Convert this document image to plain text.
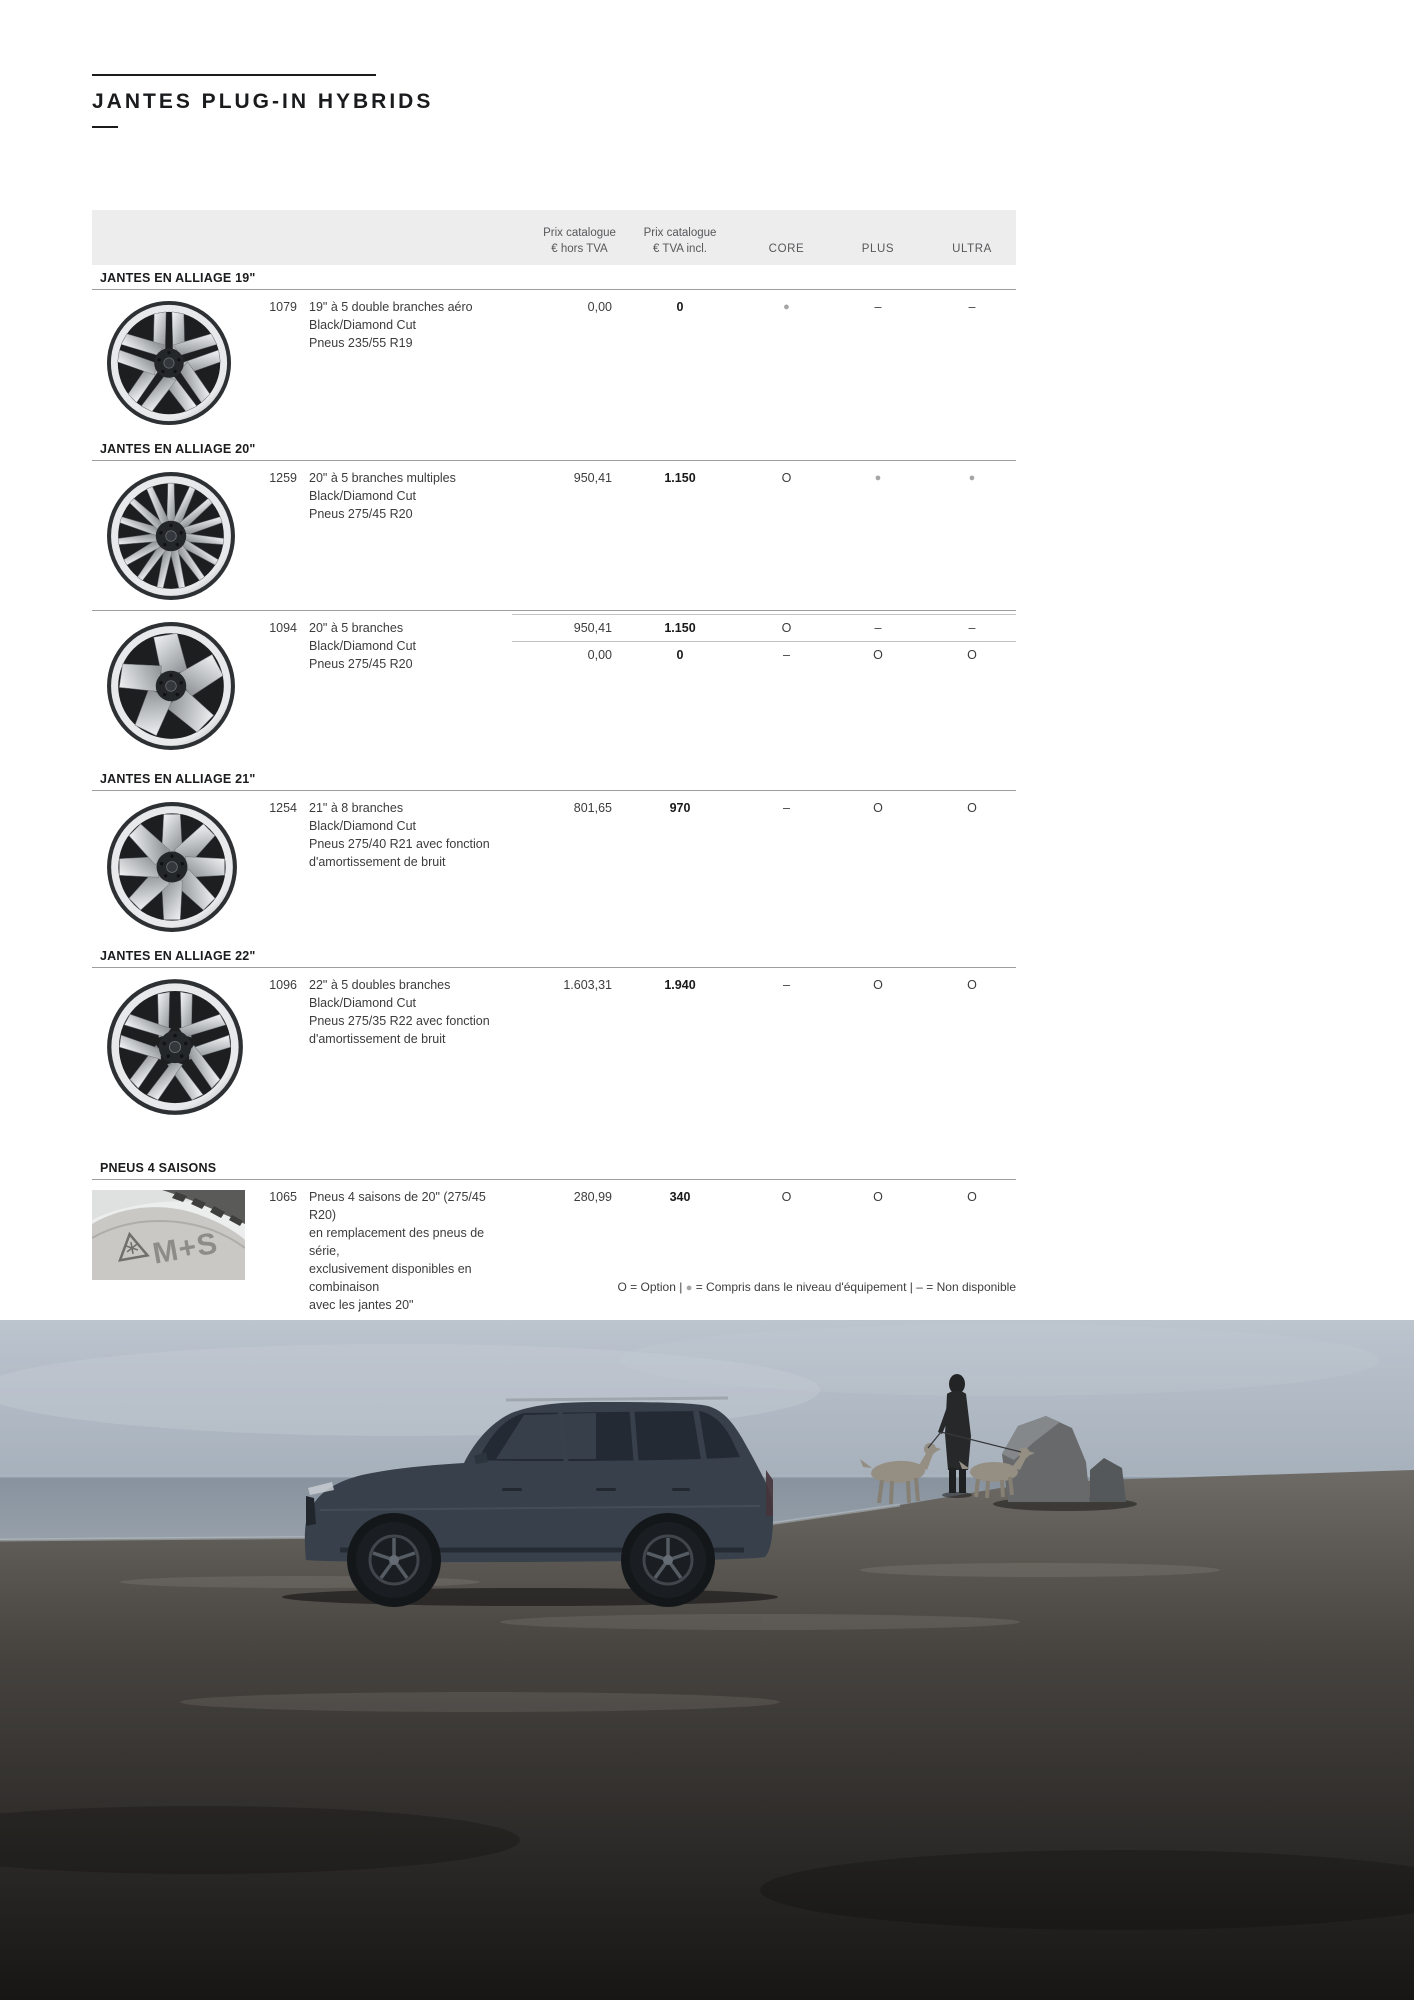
JANTES PLUG-IN HYBRIDS
Prix catalogue
€ hors TVA
Prix catalogue
€ TVA incl.	CORE	PLUS	ULTRA
JANTES EN ALLIAGE 19"
1079 19" à 5 double branches aéro
Black/Diamond Cut
Pneus 235/55 R19
0,00	0	●	–	–
JANTES EN ALLIAGE 20"
1259 20" à 5 branches multiples
Black/Diamond Cut
Pneus 275/45 R20
950,41	1.150	O	●	●
1094 20" à 5 branches
Black/Diamond Cut
Pneus 275/45 R20
950,41	1.150	O	–	–
0,00	0	–	O	O
JANTES EN ALLIAGE 21"
1254 21" à 8 branches
Black/Diamond Cut
Pneus 275/40 R21 avec fonction
d'amortissement de bruit
801,65	970	–	O	O
JANTES EN ALLIAGE 22"
1096 22" à 5 doubles branches
Black/Diamond Cut
Pneus 275/35 R22 avec fonction
d'amortissement de bruit
1.603,31	1.940	–	O	O
PNEUS 4 SAISONS
M+S
1065 Pneus 4 saisons de 20" (275/45 R20)
en remplacement des pneus de série,
exclusivement disponibles en combinaison
avec les jantes 20"
280,99	340	O	O	O
O = Option | ● = Compris dans le niveau d'équipement | – = Non disponible
